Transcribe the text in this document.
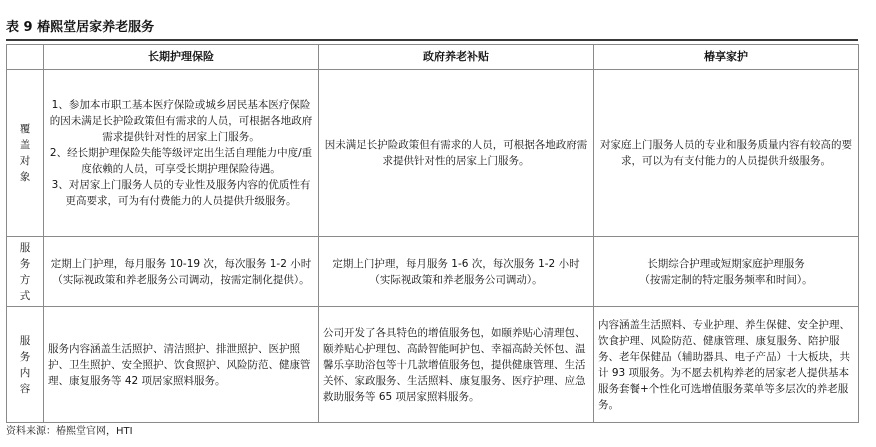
表 9 椿熙堂居家养老服务
	长期护理保险	政府养老补贴	椿享家护

覆
盖
对
象	1、参加本市职工基本医疗保险或城乡居民基本医疗保险的因未满足长护险政策但有需求的人员，可根据各地政府需求提供针对性的居家上门服务。
2、经长期护理保险失能等级评定出生活自理能力中度/重度依赖的人员，可享受长期护理保险待遇。
3、对居家上门服务人员的专业性及服务内容的优质性有更高要求，可为有付费能力的人员提供升级服务。	因未满足长护险政策但有需求的人员，可根据各地政府需求提供针对性的居家上门服务。	对家庭上门服务人员的专业和服务质量内容有较高的要求，可以为有支付能力的人员提供升级服务。

服
务
方
式	定期上门护理，每月服务 10-19 次，每次服务 1-2 小时
（实际视政策和养老服务公司调动，按需定制化提供）。	定期上门护理，每月服务 1-6 次，每次服务 1-2 小时（实际视政策和养老服务公司调动）。	长期综合护理或短期家庭护理服务
（按需定制的特定服务频率和时间）。

服
务
内
容	服务内容涵盖生活照护、清洁照护、排泄照护、医护照护、卫生照护、安全照护、饮食照护、风险防范、健康管理、康复服务等 42 项居家照料服务。	公司开发了各具特色的增值服务包，如颐养贴心清理包、颐养贴心护理包、高龄智能呵护包、幸福高龄关怀包、温馨乐享助浴包等十几款增值服务包，提供健康管理、生活关怀、家政服务、生活照料、康复服务、医疗护理、应急救助服务等 65 项居家照料服务。	内容涵盖生活照料、专业护理、养生保健、安全护理、饮食护理、风险防范、健康管理、康复服务、陪护服务、老年保健品（辅助器具、电子产品）十大板块，共计 93 项服务。为不愿去机构养老的居家老人提供基本服务套餐+个性化可选增值服务菜单等多层次的养老服务。
资料来源：椿熙堂官网，HTI
